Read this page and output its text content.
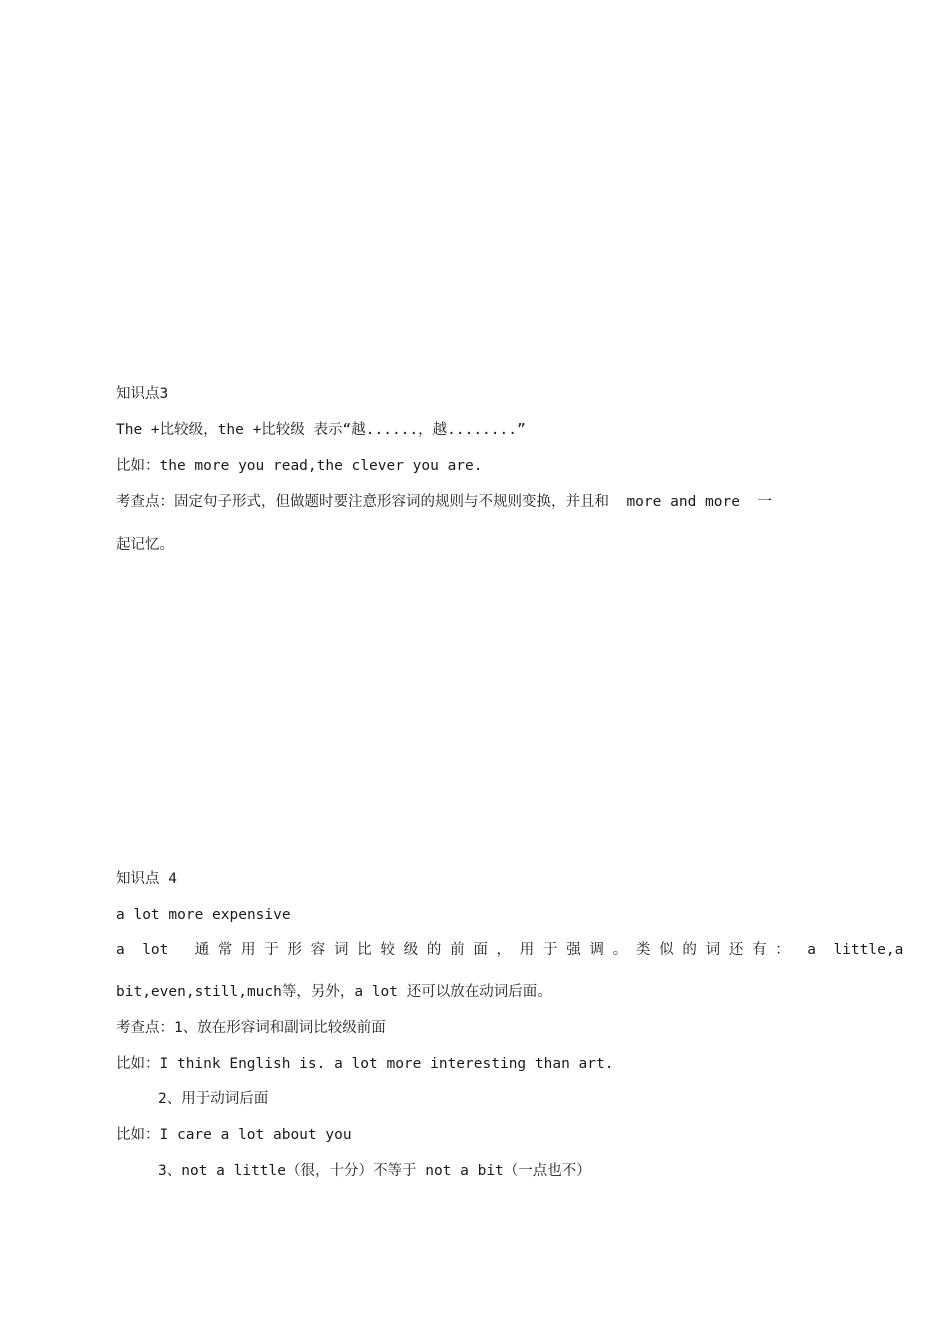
知识点3
The +比较级，the +比较级 表示“越......，越........”
比如：the more you read,the clever you are.
考查点：固定句子形式，但做题时要注意形容词的规则与不规则变换，并且和  more and more  一
起记忆。
知识点 4
a lot more expensive
a  lot   通 常 用 于 形 容 词 比 较 级 的 前 面 ， 用 于 强 调 。 类 似 的 词 还 有 ：  a  little,a
bit,even,still,much等，另外，a lot 还可以放在动词后面。
考查点：1、放在形容词和副词比较级前面
比如：I think English is. a lot more interesting than art.
2、用于动词后面
比如：I care a lot about you
3、not a little（很，十分）不等于 not a bit（一点也不）
